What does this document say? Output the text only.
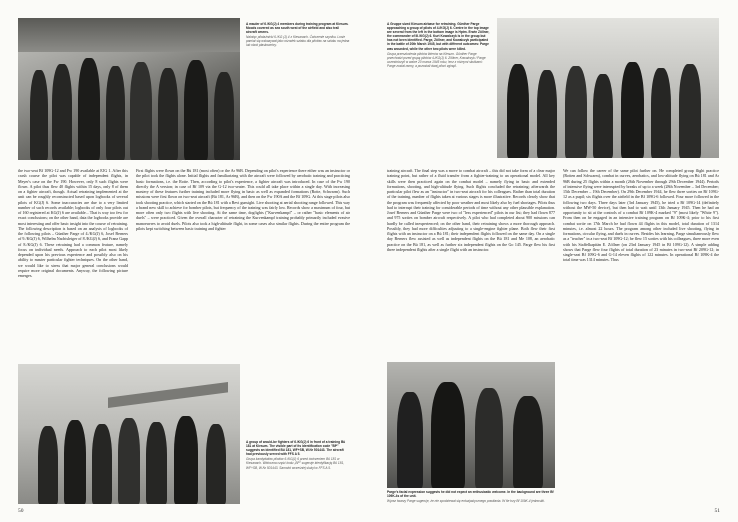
A mauler of 6./KG(J) 4 members during training program at Kiesum. Moods covered as sea south west of the airfield and also trail aircraft omens.
Nalotęc pilotażnicki 6./KG (J) 4 z Kiesanach. Ćwiczenie szyniku. Losie pamiat się wskazywał jako ośrodek sztabu dla pilotów na szlaku na jedna lub obok płaskownicy.

the two-seat Bf 109G-12 and Fw 190 available at EJG 1. After this crash course the pilot was capable of independent flights, in Meyer's case on the Fw 190. However, only 8 such flights were flown. A pilot thus flew 40 flights within 15 days, only 8 of them on a fighter aircraft, though. Actual retraining implemented at the unit can be roughly reconstructed based upon logbooks of several pilots of KG(J) 6. Some inaccuracies are due to a very limited number of such records available; logbooks of only four pilots out of 160 registered at KG(J) 6 are available... That is way too few for exact conclusions; on the other hand, data the logbooks provide are most interesting and offer basic insight into the course of retraining. The following description is based on an analysis of logbooks of the following pilots – Günther Parge of 4./KG(J) 6, Josef Berners of 9./KG(J) 6, Wilhelm Nachtsleiger of 8./KG(J) 6, and Franz Gapp of 8./KG(J) 6. These retraining had a common feature, namely focus on individual needs. Approach to each pilot most likely depended upon his previous experience and possibly also on his ability to master particular fighter techniques. On the other hand, we would like to stress that major general conclusions would require more original documents. Anyway, the following picture emerges.

First flights were flown on the Bü 181 (most often) or the Ar 96B. Depending on pilot's experience there either was an instructor or the pilot took the flights alone. Initial flights and familiarizing with the aircraft were followed by aerobatic training and practicing basic formations, i.e. the Rotte. Then, according to pilot's experience, a fighter aircraft was introduced. In case of the Fw 190 directly the A version; in case of Bf 109 via the G-12 two-seater. This could all take place within a single day. With increasing mastery of these features further training included more flying in basic as well as expanded formations (Rotte, Schwarm). Such missions were first flown on two-seat aircraft (Bü 181, Ar 96B), and then on the Fw 190A and the Bf 109G. At this stage pilots also took shooting practice, which started on the Bü 181 with a Revi gunsight. Live shooting at aerial shooting range followed. This way a brand new skill to achieve for bomber pilots, but frequency of the training was fairly low. Records show a maximum of four, but more often only two flights with live shooting. At the same time, dogfights ("Kurvenkampf" – or rather "basic elements of air duels" – were practiced. Given the overall character of retraining the Kurvenkampf training probably primarily included evasive manoeuvres to avoid duels. Pilots also took a high-altitude flight, in some cases also similar flights. During the entire program the pilots kept switching between basic training and fighter

A group of would-be fighters of 6./KG(J) 6 in front of a training Bü 181 at Kiesum. The visible part of its identification code "BP" suggests an identified Bü 181, WF+SB, W.Nr 501443. The aircraft had previously served with FFS A 5.
Grupa kandydatów pilotów 6./KG(J) 6 przed ćwiczeniem Bü 181 w Kiesanach. Widoczna część kodu „BP” sugeruje identyfikację Bü 181, WF+SB, W.Nr 501443. Samolot wcześniej służył w FFS A 5.
50
A Gruppe sized Kiesum airbase for retraining. Günther Parge approaching a group of pilots of 4./KG(J) 6. Centre in the top image are several from the left in the bottom image is Hptm. Erwin Zöllner, the commander of III./KG(J) 6. Kurt Kowalczyk is in the group but has not been identified. Parge, Zöllner, and Kowalczyk participated in the battle of 20th March 1945, but with different outcomes: Parge was wounded, while the other two pilots were killed.
Grupa przeszkolenia pilotów liderów na Kiesum. Günther Parge przechodzi przed grupą pilotów 4./KG(J) 6. Zöllner, Kowalczyk i Parge uczestniczyli w walce 20 marca 1945 roku, lecz z różnymi skutkami: Parge został ranny, a pozostali dwaj piloci zginęli.

training aircraft. The final step was a move to combat aircraft – this did not take form of a clear major training point, but rather of a fluid transfer from a fighter-training to an operational model. All key skills were then practiced again on the combat model – namely flying in basic and extended formations, shooting, and high-altitude flying. Such flights concluded the retraining; afterwards the particular pilot flew as an "instructor" in two-seat aircraft for his colleagues. Rather than total duration of the training, number of flights taken at various stages is more illustrative. Records clearly show that the program was frequently affected by poor weather and most likely also by fuel shortages. Pilots thus had to interrupt their training for considerable periods of time without any other plausible explanation. Josef Berners and Günther Parge were two of "less experienced" pilots in our list; they had flown 877 and 975 sorties on bomber aircraft respectively. A pilot who had completed about 900 missions can hardly be called inexperienced; on the other hand, their retraining shows a more thorough approach. Possibly, they had more difficulties adjusting to a single-engine fighter plane. Both flew their first flights with an instructor on a Bü 181; their independent flights followed on the same day. On a single day Berners flew assisted as well as independent flights on the Bü 181 and Me 108, an aerobatic practice on the Bü 181, as well as further six independent flights on the Go 145. Parge flew his first three independent flights after a single flight with an instructor.

We can follow the career of the same pilot further on. He completed group flight practice (Rotten and Schwarm), combat in curves, aerobatics, and low-altitude flying on Bü 181 and Ar 96B during 25 flights within a month (26th November through 29th December 1944). Periods of intensive flying were interrupted by breaks of up to a week (28th November – 3rd December; 15th December – 19th December). On 29th December 1944, he flew three sorties on Bf 109G-12 as a pupil; six flights over the airfield in the Bf 109G-6 followed. Four more followed in the following two days. Three days later (3rd January 1945), he tried a Bf 109G-14 (definitely without the MW-50 device), but then had to wait until 13th January 1945. Then he had an opportunity to sit at the controls of a combat Bf 109K-4 marked "9" (most likely "White 9"). From then on he engaged in an intensive training program on Bf 109K-4; prior to his first combat sortie on 17th March he had flown 44 flights in this model, total duration of 1314 minutes, i.e. almost 22 hours. The program among other included live shooting, flying in formations, circular flying, and duels in curves. Besides his learning, Parge simultaneously flew as a "teacher" in a two-seat Bf 109G-12; he flew 15 sorties with his colleagues, three more even with his Staffelkapitän E. Zöllner (on 23rd January 1945 in Bf 109G-12). A simple adding shows that Parge flew four flights of total duration of 23 minutes in two-seat Bf 209G-12; in single-seat Bf 109G-6 and G-14 eleven flights of 122 minutes. In operational Bf 109K-4 the total time was 1314 minutes. Thus

Parge's facial expression suggests he did not expect an enthusiastic welcome. In the background are three Bf 109K-4s of the unit.
Wyraz twarzy Parge sugeruje, że nie spodziewał się entuzjastycznego powitania. W tle trzy Bf 109K-4 jednostki.
51
